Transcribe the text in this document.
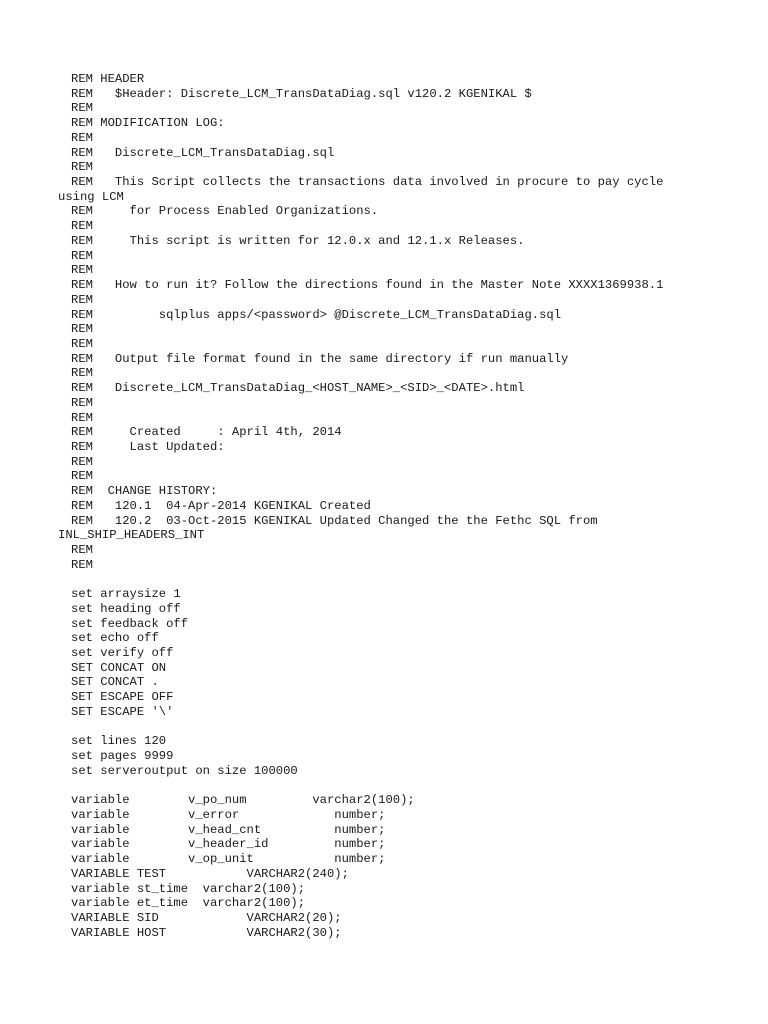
REM HEADER
REM   $Header: Discrete_LCM_TransDataDiag.sql v120.2 KGENIKAL $
REM
REM MODIFICATION LOG:
REM
REM   Discrete_LCM_TransDataDiag.sql
REM
REM   This Script collects the transactions data involved in procure to pay cycle
using LCM
REM     for Process Enabled Organizations.
REM
REM     This script is written for 12.0.x and 12.1.x Releases.
REM
REM
REM   How to run it? Follow the directions found in the Master Note XXXX1369938.1
REM
REM         sqlplus apps/<password> @Discrete_LCM_TransDataDiag.sql
REM
REM
REM   Output file format found in the same directory if run manually
REM
REM   Discrete_LCM_TransDataDiag_<HOST_NAME>_<SID>_<DATE>.html
REM
REM
REM     Created     : April 4th, 2014
REM     Last Updated:
REM
REM
REM  CHANGE HISTORY:
REM   120.1  04-Apr-2014 KGENIKAL Created
REM   120.2  03-Oct-2015 KGENIKAL Updated Changed the the Fethc SQL from
INL_SHIP_HEADERS_INT
REM
REM
set arraysize 1
set heading off
set feedback off
set echo off
set verify off
SET CONCAT ON
SET CONCAT .
SET ESCAPE OFF
SET ESCAPE '\'
set lines 120
set pages 9999
set serveroutput on size 100000
variable        v_po_num         varchar2(100);
variable        v_error             number;
variable        v_head_cnt          number;
variable        v_header_id         number;
variable        v_op_unit           number;
VARIABLE TEST           VARCHAR2(240);
variable st_time  varchar2(100);
variable et_time  varchar2(100);
VARIABLE SID            VARCHAR2(20);
VARIABLE HOST           VARCHAR2(30);
